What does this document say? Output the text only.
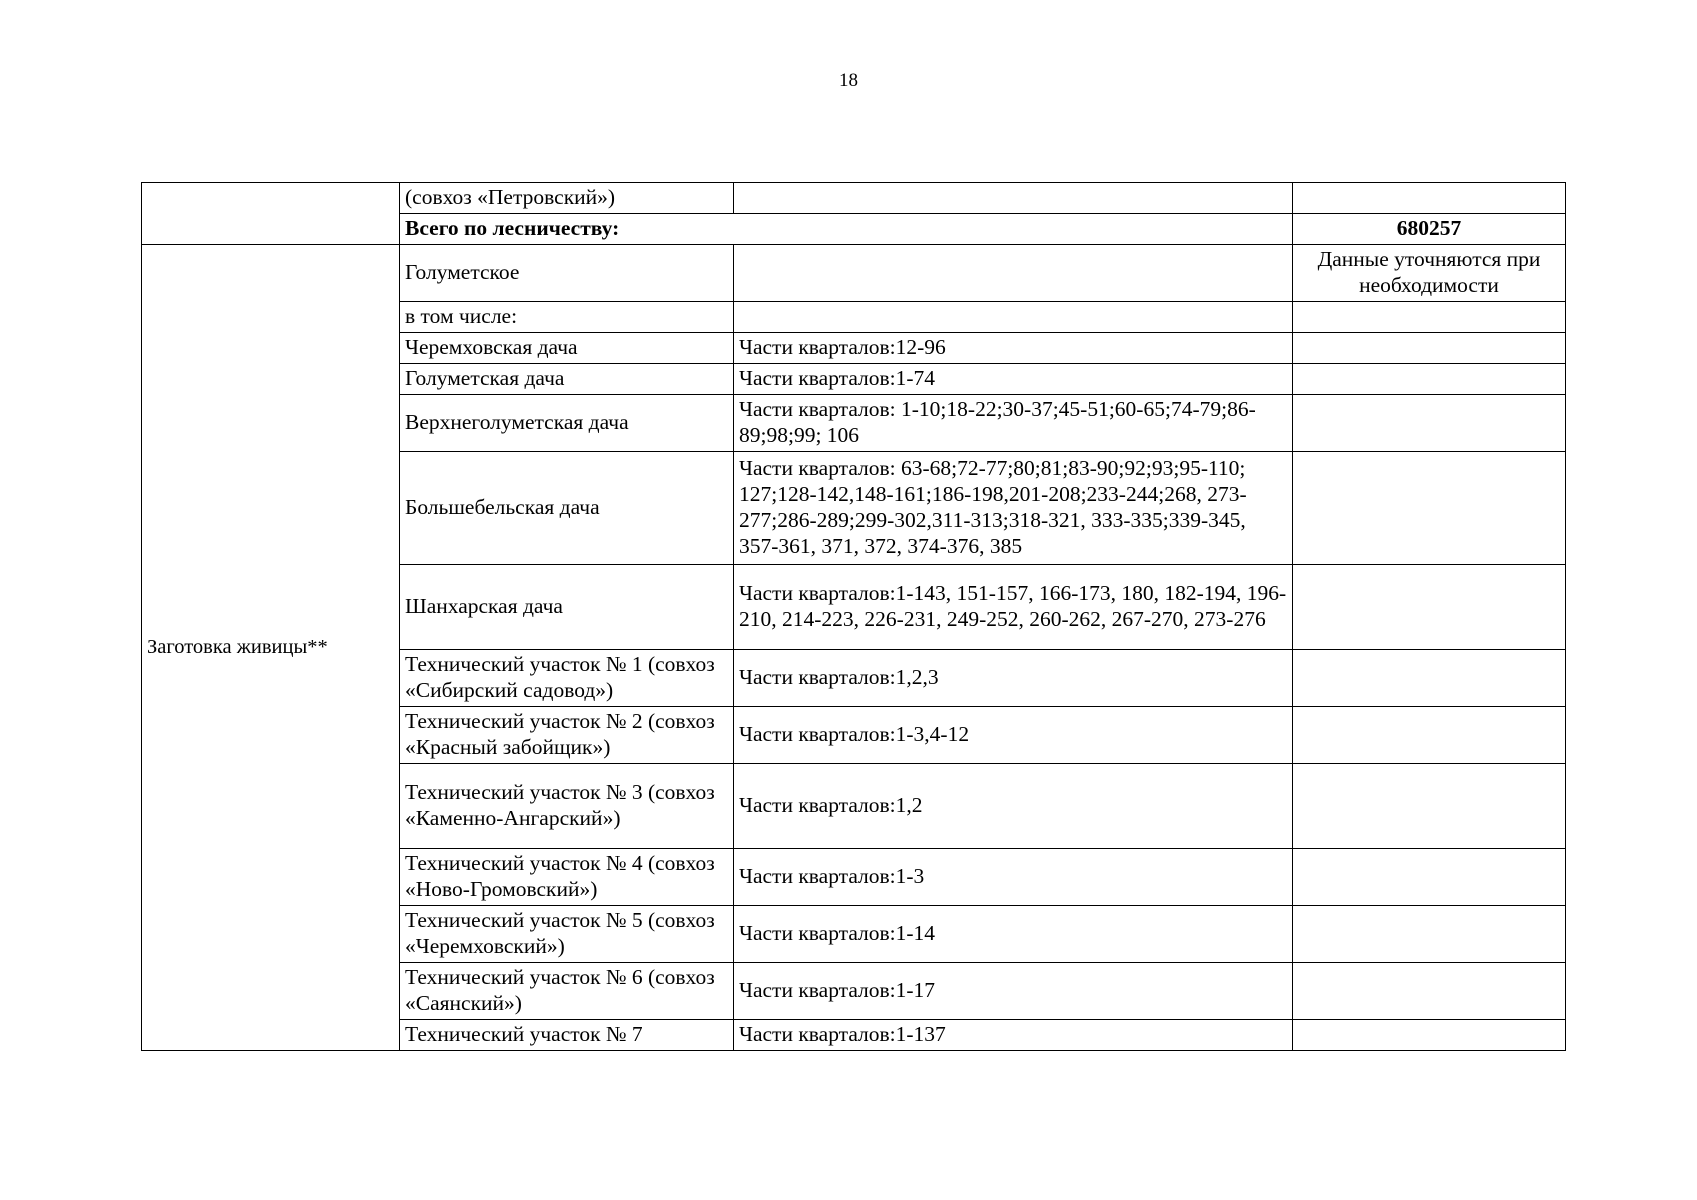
18
	(совхоз «Петровский»)		
	Всего по лесничеству:		680257
Заготовка живицы**	Голуметское		Данные уточняются при необходимости
	в том числе:		
	Черемховская дача	Части кварталов:12-96	
	Голуметская дача	Части кварталов:1-74	
	Верхнеголуметская дача	Части кварталов: 1-10;18-22;30-37;45-51;60-65;74-79;86-89;98;99; 106	
	Большебельская дача	Части кварталов: 63-68;72-77;80;81;83-90;92;93;95-110; 127;128-142,148-161;186-198,201-208;233-244;268, 273-277;286-289;299-302,311-313;318-321, 333-335;339-345, 357-361, 371, 372, 374-376, 385	
	Шанхарская дача	Части кварталов:1-143, 151-157, 166-173, 180, 182-194, 196-210, 214-223, 226-231, 249-252, 260-262, 267-270, 273-276	
	Технический участок № 1 (совхоз «Сибирский садовод»)	Части кварталов:1,2,3	
	Технический участок № 2 (совхоз «Красный забойщик»)	Части кварталов:1-3,4-12	
	Технический участок № 3 (совхоз «Каменно-Ангарский»)	Части кварталов:1,2	
	Технический участок № 4 (совхоз «Ново-Громовский»)	Части кварталов:1-3	
	Технический участок № 5 (совхоз «Черемховский»)	Части кварталов:1-14	
	Технический участок № 6 (совхоз «Саянский»)	Части кварталов:1-17	
	Технический участок № 7	Части кварталов:1-137	
